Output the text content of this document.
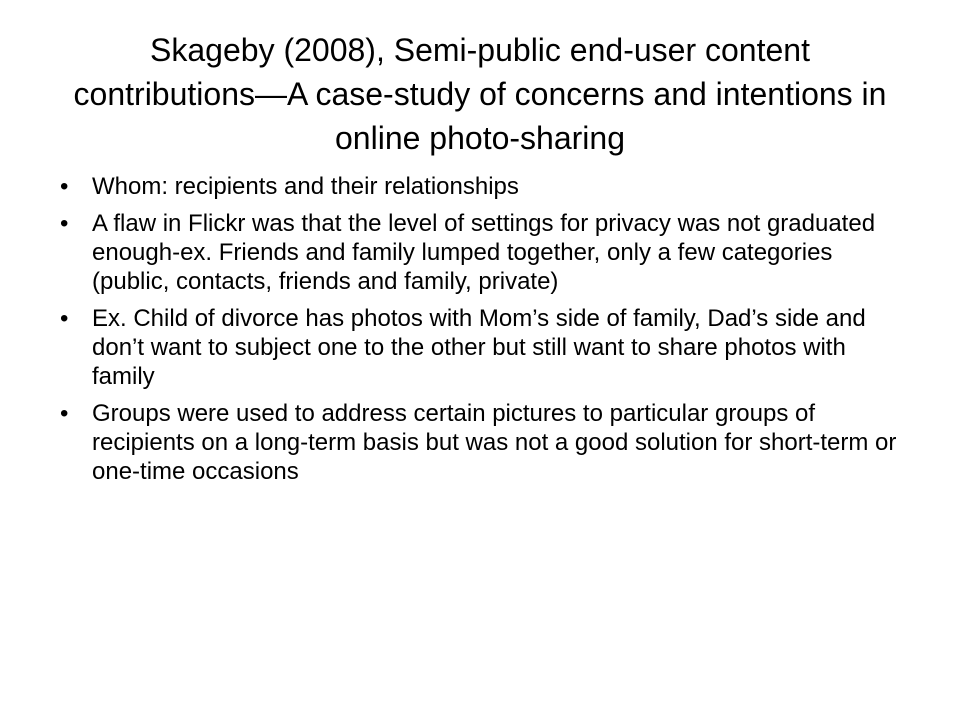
Skageby (2008), Semi-public end-user content contributions—A case-study of concerns and intentions in online photo-sharing
• Whom: recipients and their relationships
• A flaw in Flickr was that the level of settings for privacy was not graduated enough-ex. Friends and family lumped together, only a few categories (public, contacts, friends and family, private)
• Ex. Child of divorce has photos with Mom’s side of family, Dad’s side and don’t want to subject one to the other but still want to share photos with family
• Groups were used to address certain pictures to particular groups of recipients on a long-term basis but was not a good solution for short-term or one-time occasions
